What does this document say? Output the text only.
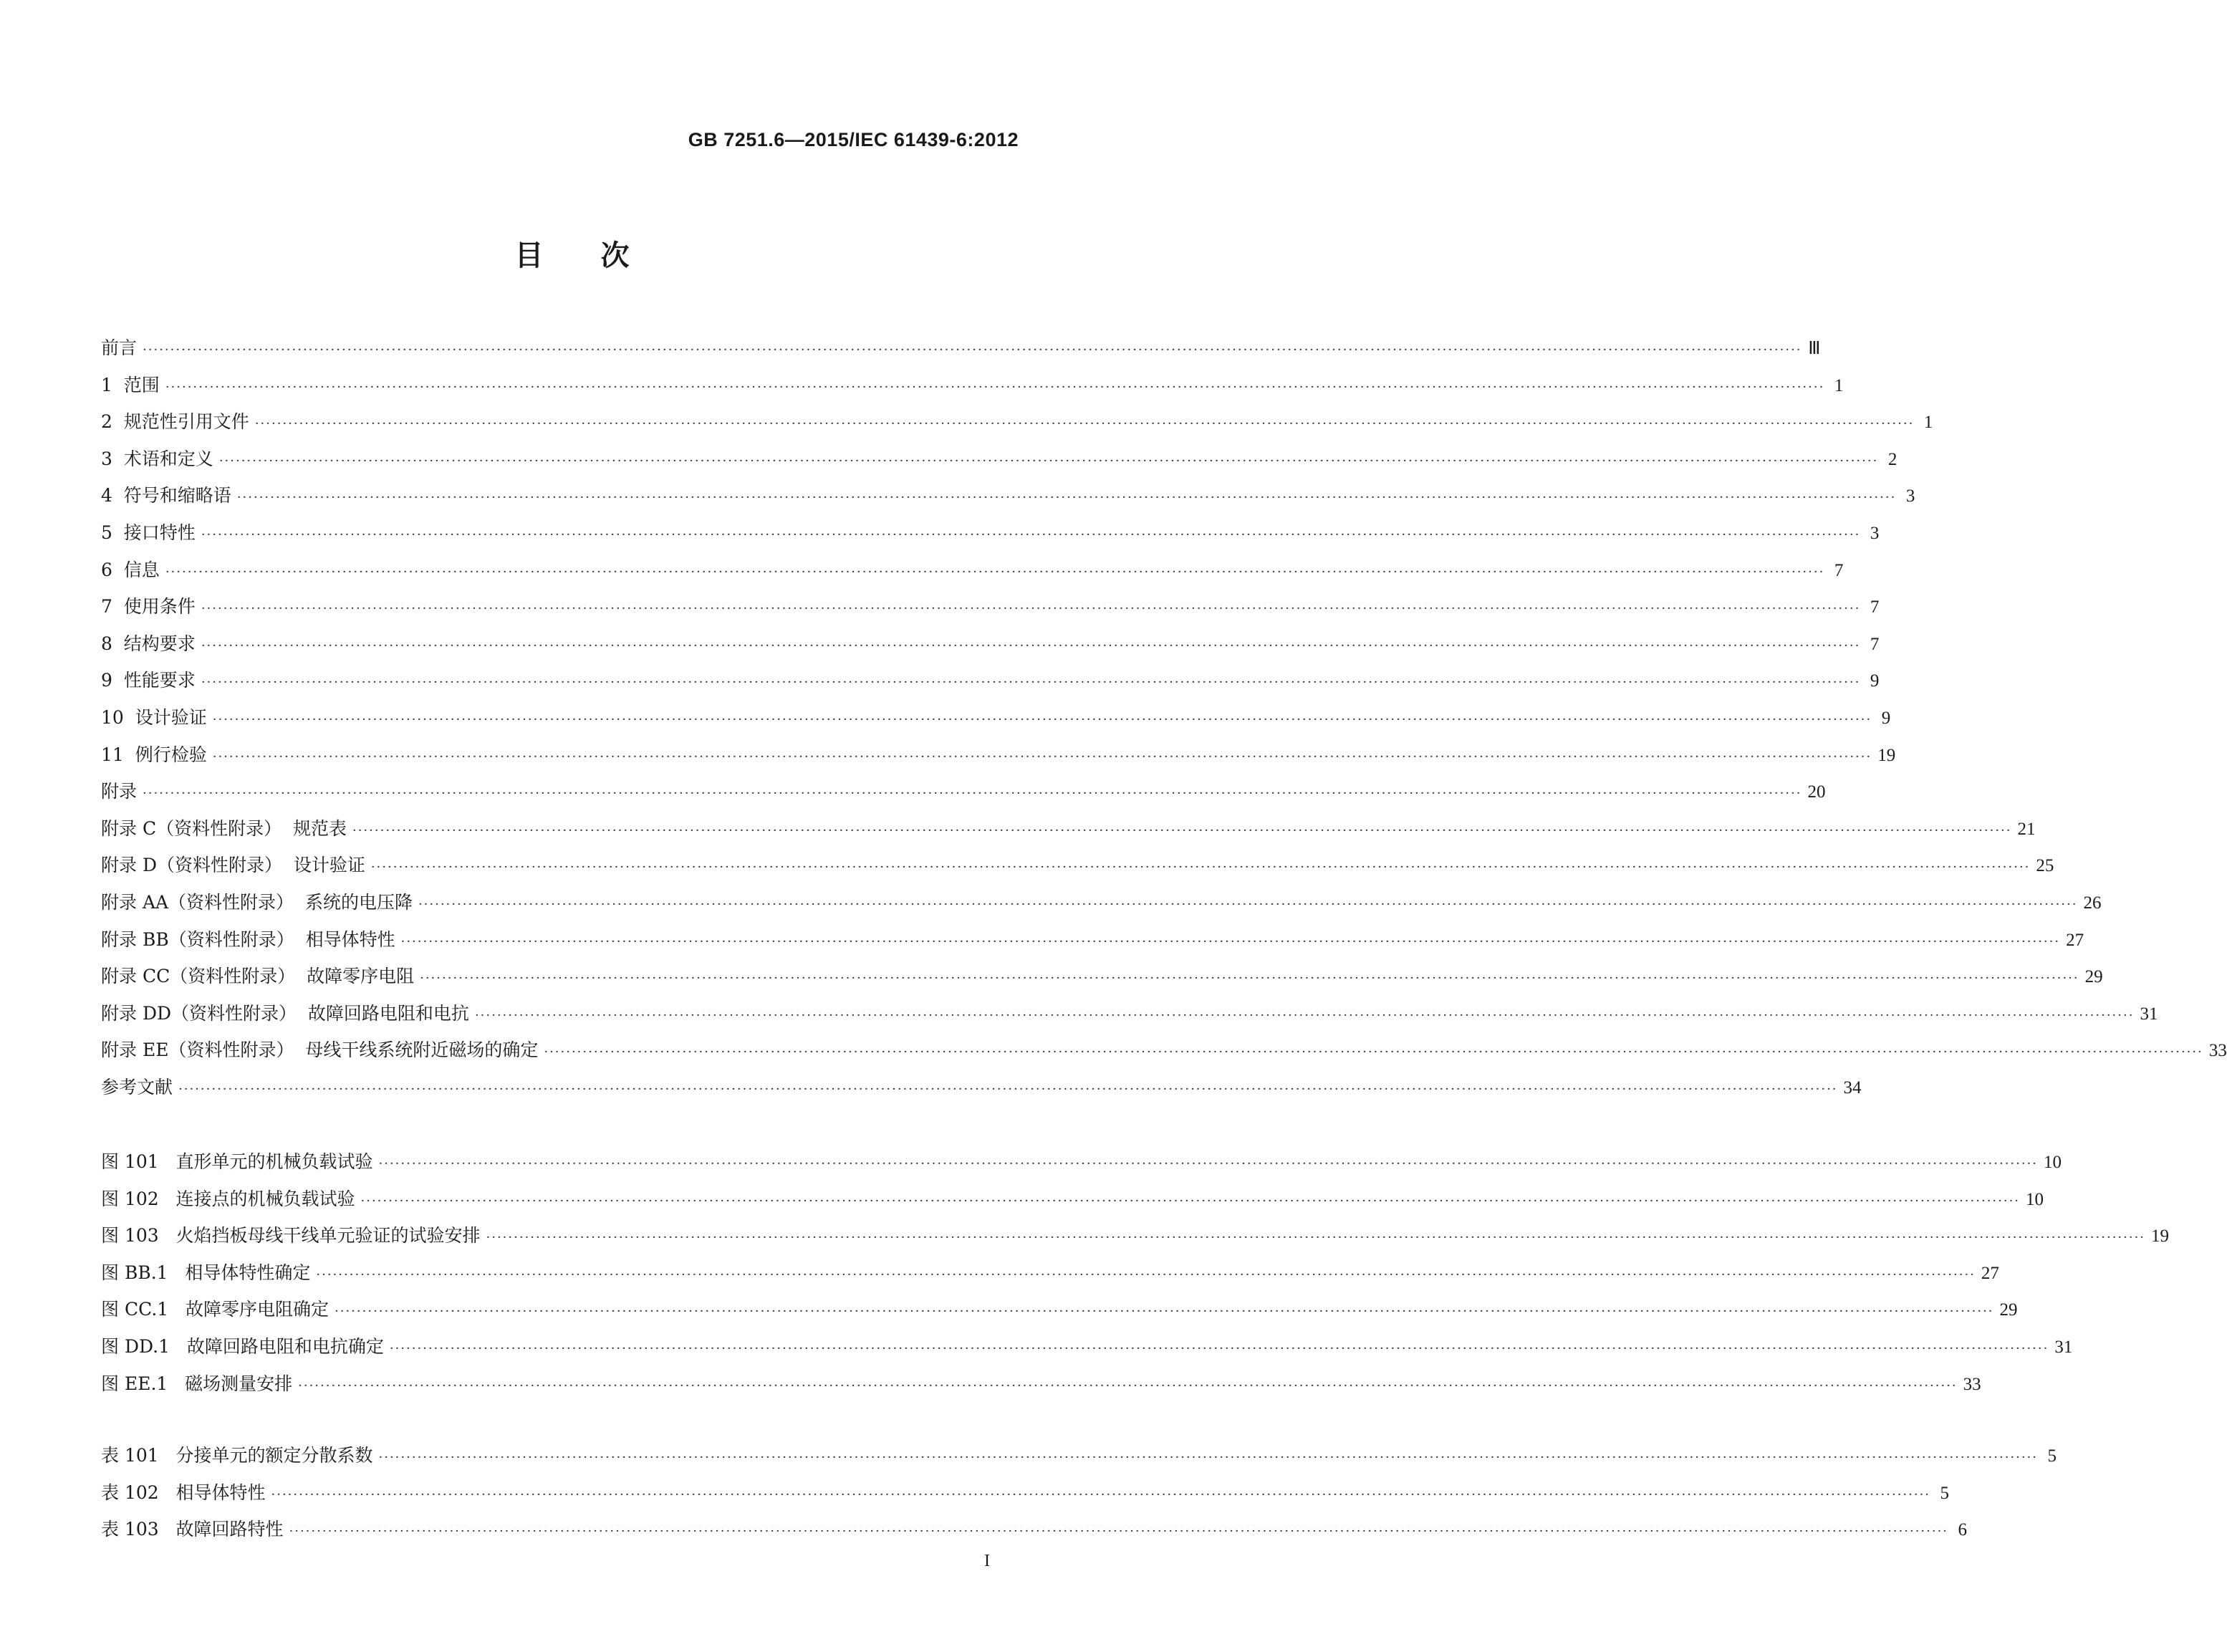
GB 7251.6—2015/IEC 61439-6:2012
目次
前言 ············································································································································································································································································································ Ⅲ
1  范围 ············································································································································································································································································································ 1
2  规范性引用文件 ············································································································································································································································································································ 1
3  术语和定义 ············································································································································································································································································································ 2
4  符号和缩略语 ············································································································································································································································································································ 3
5  接口特性 ············································································································································································································································································································ 3
6  信息 ············································································································································································································································································································ 7
7  使用条件 ············································································································································································································································································································ 7
8  结构要求 ············································································································································································································································································································ 7
9  性能要求 ············································································································································································································································································································ 9
10  设计验证 ············································································································································································································································································································ 9
11  例行检验 ············································································································································································································································································································ 19
附录 ············································································································································································································································································································ 20
附录 C（资料性附录）  规范表 ············································································································································································································································································································ 21
附录 D（资料性附录）  设计验证 ············································································································································································································································································································ 25
附录 AA（资料性附录）  系统的电压降 ············································································································································································································································································································ 26
附录 BB（资料性附录）  相导体特性 ············································································································································································································································································································ 27
附录 CC（资料性附录）  故障零序电阻 ············································································································································································································································································································ 29
附录 DD（资料性附录）  故障回路电阻和电抗 ············································································································································································································································································································ 31
附录 EE（资料性附录）  母线干线系统附近磁场的确定 ············································································································································································································································································································ 33
参考文献 ············································································································································································································································································································ 34
图 101   直形单元的机械负载试验 ············································································································································································································································································································ 10
图 102   连接点的机械负载试验 ············································································································································································································································································································ 10
图 103   火焰挡板母线干线单元验证的试验安排 ············································································································································································································································································································ 19
图 BB.1   相导体特性确定 ············································································································································································································································································································ 27
图 CC.1   故障零序电阻确定 ············································································································································································································································································································ 29
图 DD.1   故障回路电阻和电抗确定 ············································································································································································································································································································ 31
图 EE.1   磁场测量安排 ············································································································································································································································································································ 33
表 101   分接单元的额定分散系数 ············································································································································································································································································································ 5
表 102   相导体特性 ············································································································································································································································································································ 5
表 103   故障回路特性 ············································································································································································································································································································ 6
I
